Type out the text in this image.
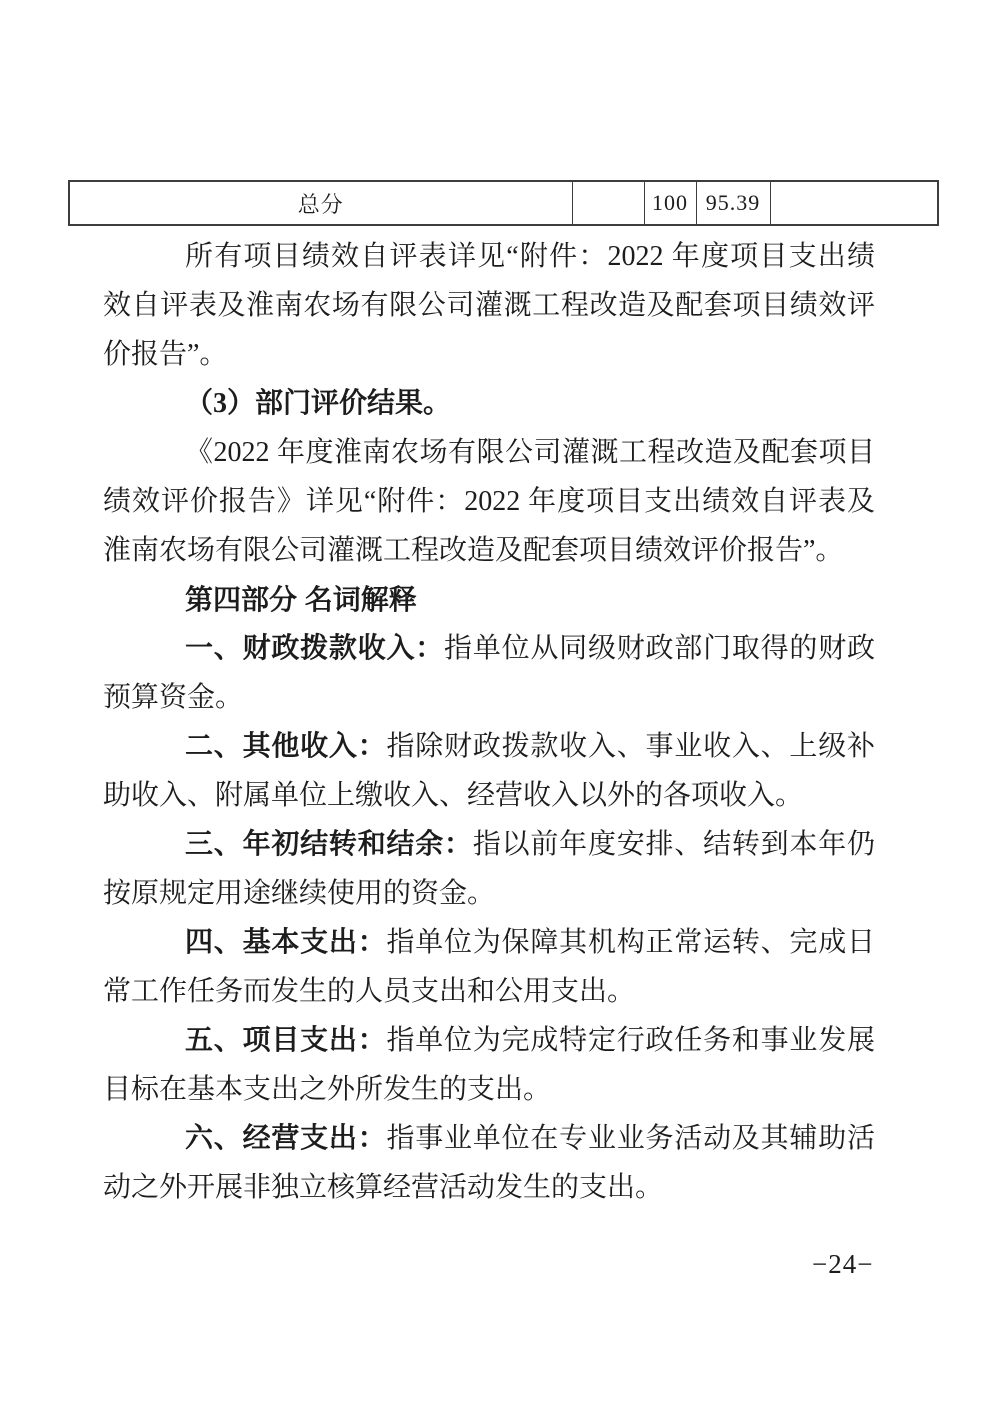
总分		100	95.39	

所有项目绩效自评表详见“附件：2022 年度项目支出绩效自评表及淮南农场有限公司灌溉工程改造及配套项目绩效评价报告”。

（3）部门评价结果。

《2022 年度淮南农场有限公司灌溉工程改造及配套项目绩效评价报告》详见“附件：2022 年度项目支出绩效自评表及淮南农场有限公司灌溉工程改造及配套项目绩效评价报告”。

第四部分 名词解释

一、财政拨款收入：指单位从同级财政部门取得的财政预算资金。

二、其他收入：指除财政拨款收入、事业收入、上级补助收入、附属单位上缴收入、经营收入以外的各项收入。

三、年初结转和结余：指以前年度安排、结转到本年仍按原规定用途继续使用的资金。

四、基本支出：指单位为保障其机构正常运转、完成日常工作任务而发生的人员支出和公用支出。

五、项目支出：指单位为完成特定行政任务和事业发展目标在基本支出之外所发生的支出。

六、经营支出：指事业单位在专业业务活动及其辅助活动之外开展非独立核算经营活动发生的支出。

−24−
